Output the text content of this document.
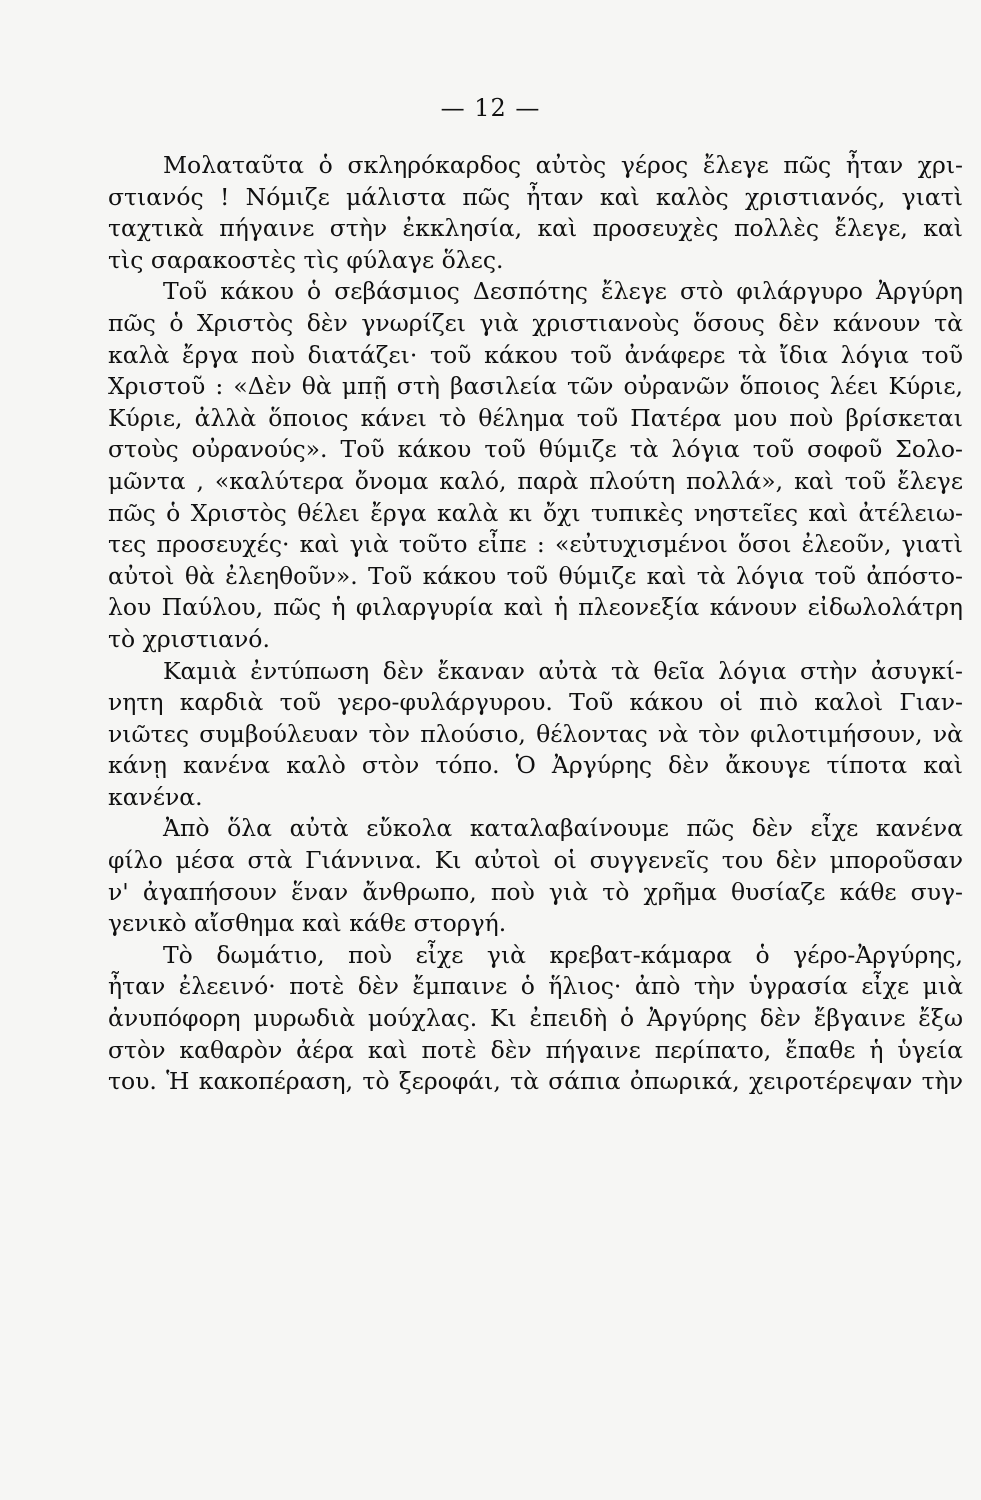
— 12 —
Μολαταῦτα ὁ σκληρόκαρδος αὐτὸς γέρος ἔλεγε πῶς ἦταν χρι-
στιανός ! Νόμιζε μάλιστα πῶς ἦταν καὶ καλὸς χριστιανός, γιατὶ
ταχτικὰ πήγαινε στὴν ἐκκλησία, καὶ προσευχὲς πολλὲς ἔλεγε, καὶ
τὶς σαρακοστὲς τὶς φύλαγε ὅλες.
Τοῦ κάκου ὁ σεβάσμιος Δεσπότης ἔλεγε στὸ φιλάργυρο Ἀργύρη
πῶς ὁ Χριστὸς δὲν γνωρίζει γιὰ χριστιανοὺς ὅσους δὲν κάνουν τὰ
καλὰ ἔργα ποὺ διατάζει· τοῦ κάκου τοῦ ἀνάφερε τὰ ἴδια λόγια τοῦ
Χριστοῦ : «Δὲν θὰ μπῇ στὴ βασιλεία τῶν οὐρανῶν ὅποιος λέει Κύριε,
Κύριε, ἀλλὰ ὅποιος κάνει τὸ θέλημα τοῦ Πατέρα μου ποὺ βρίσκεται
στοὺς οὐρανούς». Τοῦ κάκου τοῦ θύμιζε τὰ λόγια τοῦ σοφοῦ Σολο-
μῶντα , «καλύτερα ὄνομα καλό, παρὰ πλούτη πολλά», καὶ τοῦ ἔλεγε
πῶς ὁ Χριστὸς θέλει ἔργα καλὰ κι ὄχι τυπικὲς νηστεῖες καὶ ἀτέλειω-
τες προσευχές· καὶ γιὰ τοῦτο εἶπε : «εὐτυχισμένοι ὅσοι ἐλεοῦν, γιατὶ
αὐτοὶ θὰ ἐλεηθοῦν». Τοῦ κάκου τοῦ θύμιζε καὶ τὰ λόγια τοῦ ἀπόστο-
λου Παύλου, πῶς ἡ φιλαργυρία καὶ ἡ πλεονεξία κάνουν εἰδωλολάτρη
τὸ χριστιανό.
Καμιὰ ἐντύπωση δὲν ἔκαναν αὐτὰ τὰ θεῖα λόγια στὴν ἀσυγκί-
νητη καρδιὰ τοῦ γερο-φυλάργυρου. Τοῦ κάκου οἱ πιὸ καλοὶ Γιαν-
νιῶτες συμβούλευαν τὸν πλούσιο, θέλοντας νὰ τὸν φιλοτιμήσουν, νὰ
κάνῃ κανένα καλὸ στὸν τόπο. Ὁ Ἀργύρης δὲν ἄκουγε τίποτα καὶ
κανένα.
Ἀπὸ ὅλα αὐτὰ εὔκολα καταλαβαίνουμε πῶς δὲν εἶχε κανένα
φίλο μέσα στὰ Γιάννινα. Κι αὐτοὶ οἱ συγγενεῖς του δὲν μποροῦσαν
ν' ἀγαπήσουν ἕναν ἄνθρωπο, ποὺ γιὰ τὸ χρῆμα θυσίαζε κάθε συγ-
γενικὸ αἴσθημα καὶ κάθε στοργή.
Τὸ δωμάτιο, ποὺ εἶχε γιὰ κρεβατ-κάμαρα ὁ γέρο-Ἀργύρης,
ἦταν ἐλεεινό· ποτὲ δὲν ἔμπαινε ὁ ἥλιος· ἀπὸ τὴν ὑγρασία εἶχε μιὰ
ἀνυπόφορη μυρωδιὰ μούχλας. Κι ἐπειδὴ ὁ Ἀργύρης δὲν ἔβγαινε ἔξω
στὸν καθαρὸν ἀέρα καὶ ποτὲ δὲν πήγαινε περίπατο, ἔπαθε ἡ ὑγεία
του. Ἡ κακοπέραση, τὸ ξεροφάι, τὰ σάπια ὀπωρικά, χειροτέρεψαν τὴν
